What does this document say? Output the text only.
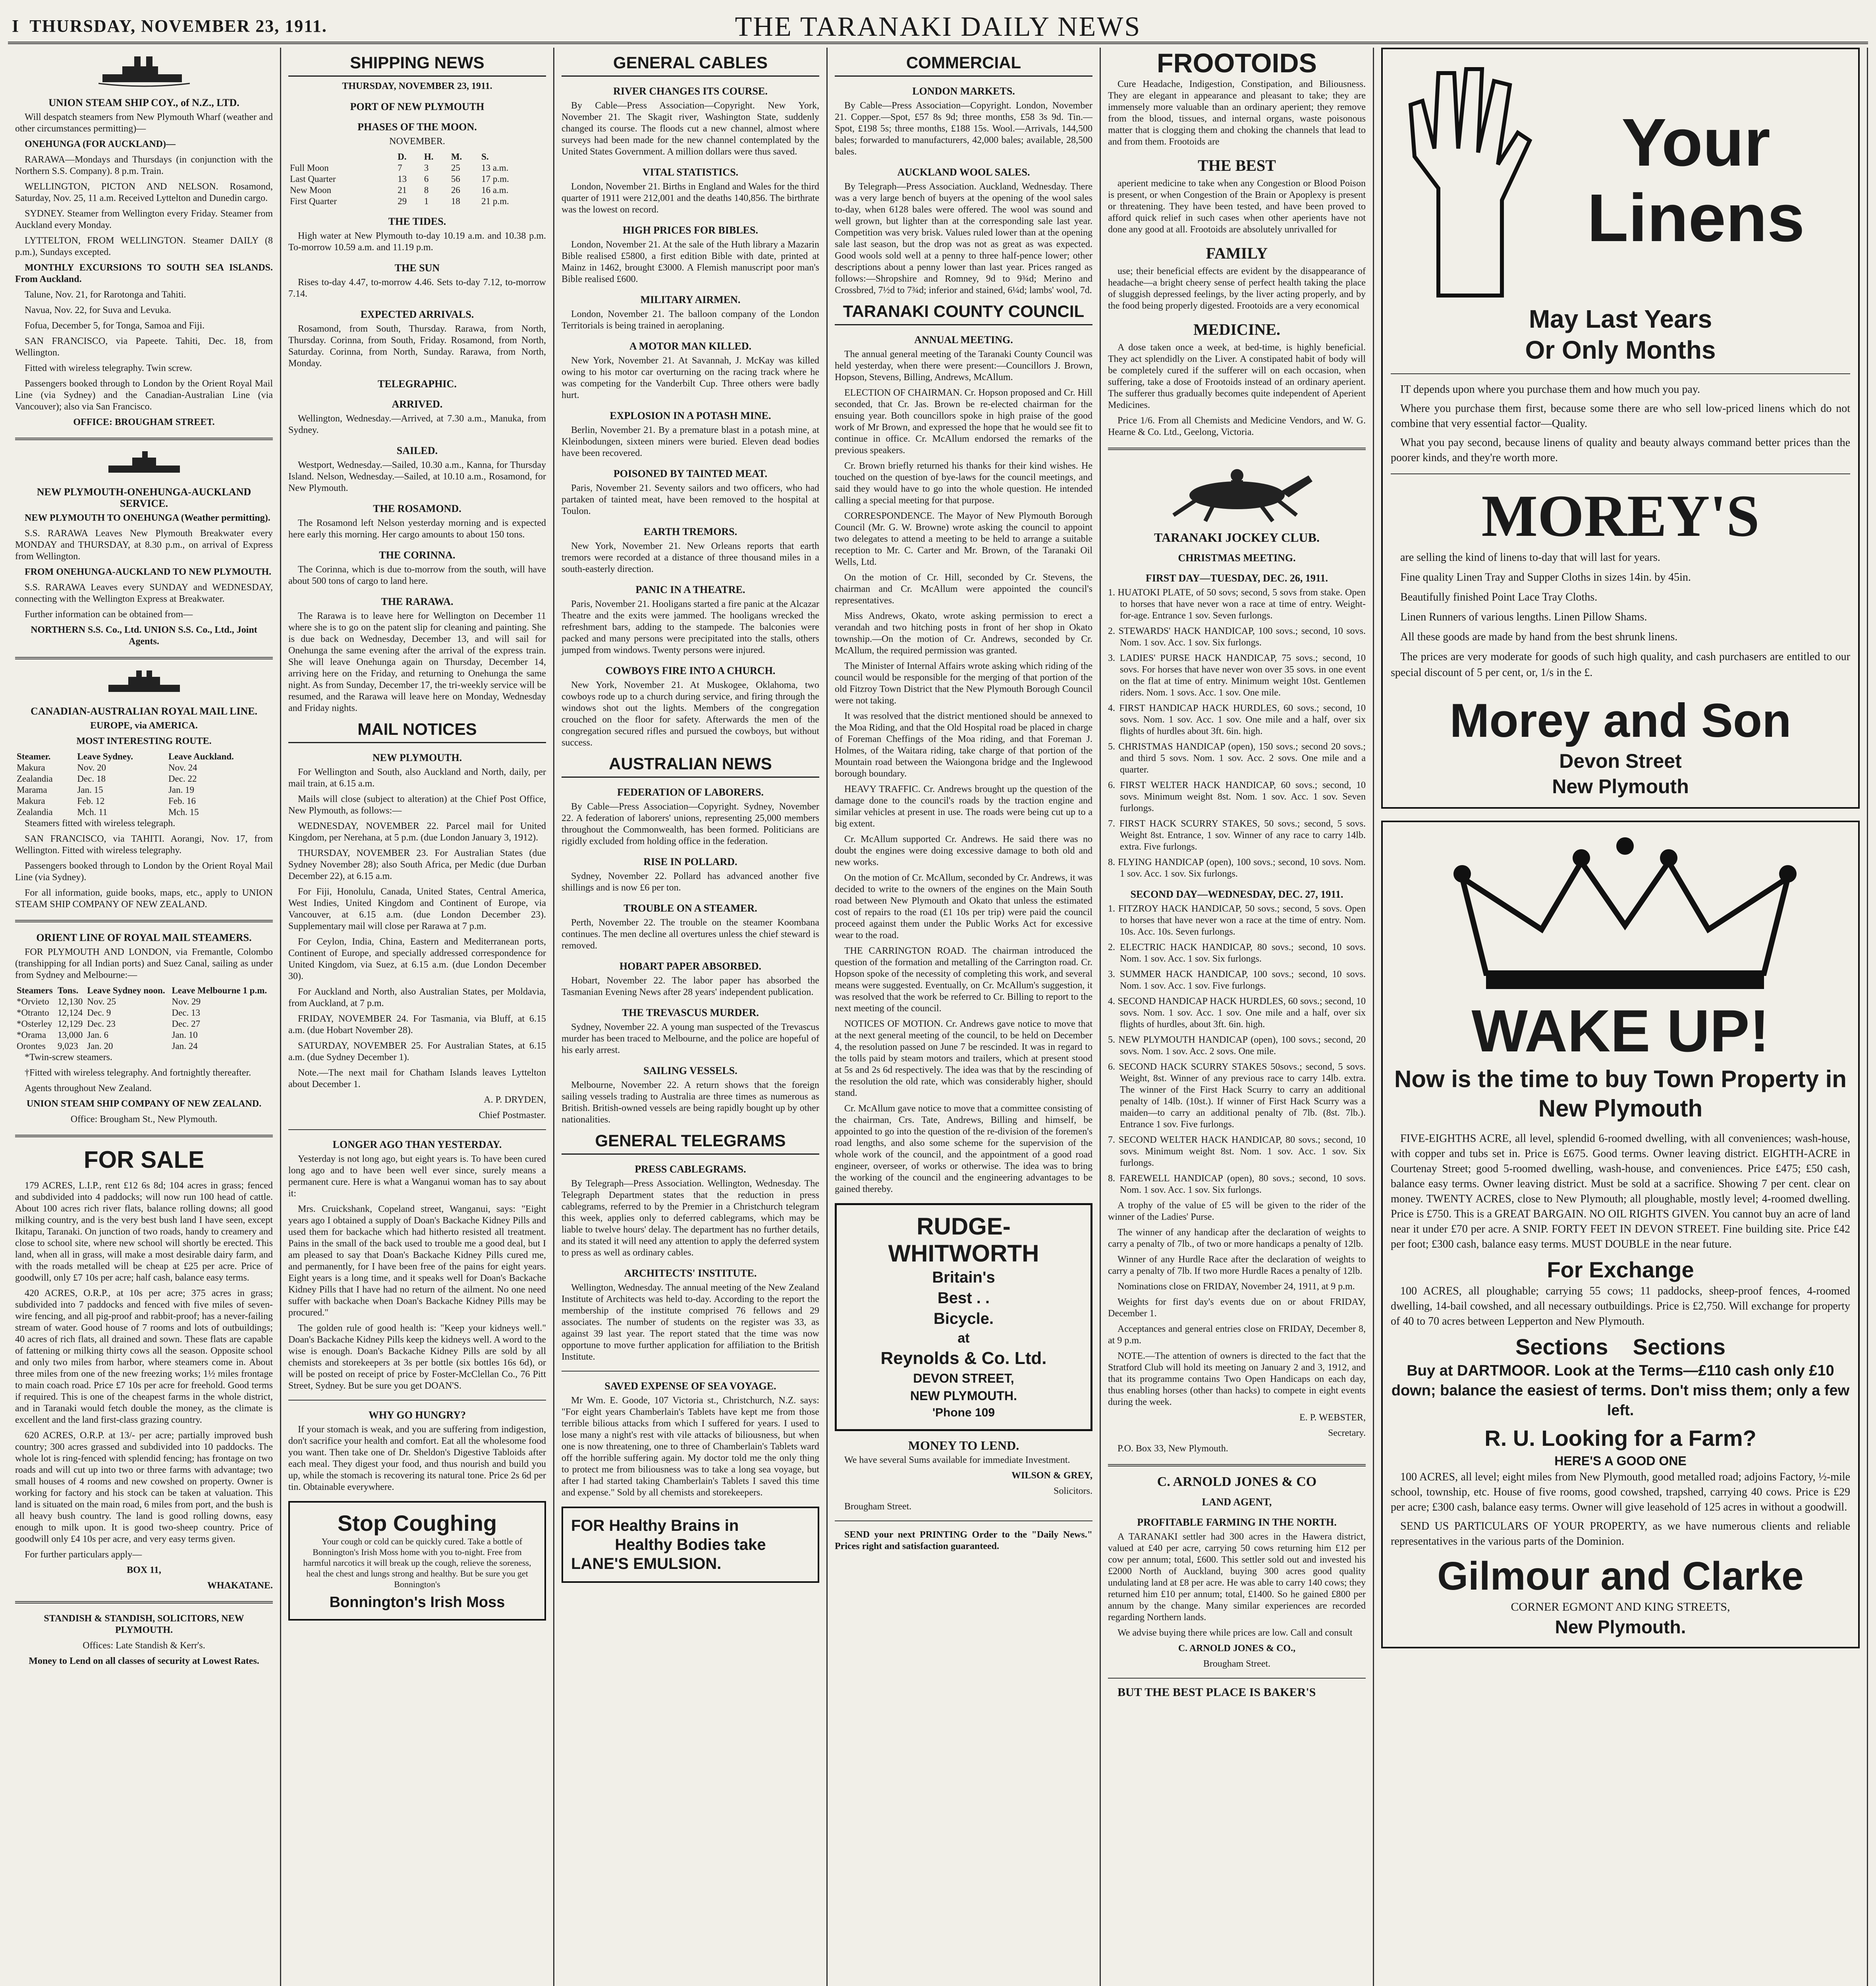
I THURSDAY, NOVEMBER 23, 1911.	THE TARANAKI DAILY NEWS
UNION STEAM SHIP COY., of N.Z., LTD.

Will despatch steamers from New Plymouth Wharf (weather and other circumstances permitting)—

ONEHUNGA (FOR AUCKLAND)—

RARAWA—Mondays and Thursdays (in conjunction with the Northern S.S. Company). 8 p.m. Train.

WELLINGTON, PICTON AND NELSON. Rosamond, Saturday, Nov. 25, 11 a.m. Received Lyttelton and Dunedin cargo.

SYDNEY. Steamer from Wellington every Friday. Steamer from Auckland every Monday.

LYTTELTON, FROM WELLINGTON. Steamer DAILY (8 p.m.), Sundays excepted.

MONTHLY EXCURSIONS TO SOUTH SEA ISLANDS. From Auckland.

Talune, Nov. 21, for Rarotonga and Tahiti.

Navua, Nov. 22, for Suva and Levuka.

Fofua, December 5, for Tonga, Samoa and Fiji.

SAN FRANCISCO, via Papeete. Tahiti, Dec. 18, from Wellington.

Fitted with wireless telegraphy. Twin screw.

Passengers booked through to London by the Orient Royal Mail Line (via Sydney) and the Canadian-Australian Line (via Vancouver); also via San Francisco.

OFFICE: BROUGHAM STREET.

NEW PLYMOUTH-ONEHUNGA-AUCKLAND SERVICE.

NEW PLYMOUTH TO ONEHUNGA (Weather permitting).

S.S. RARAWA Leaves New Plymouth Breakwater every MONDAY and THURSDAY, at 8.30 p.m., on arrival of Express from Wellington.

FROM ONEHUNGA-AUCKLAND TO NEW PLYMOUTH.

S.S. RARAWA Leaves every SUNDAY and WEDNESDAY, connecting with the Wellington Express at Breakwater.

Further information can be obtained from—

NORTHERN S.S. Co., Ltd. UNION S.S. Co., Ltd., Joint Agents.

CANADIAN-AUSTRALIAN ROYAL MAIL LINE.

EUROPE, via AMERICA.

MOST INTERESTING ROUTE.

Steamer.	Leave Sydney.	Leave Auckland.
Makura	Nov. 20	Nov. 24
Zealandia	Dec. 18	Dec. 22
Marama	Jan. 15	Jan. 19
Makura	Feb. 12	Feb. 16
Zealandia	Mch. 11	Mch. 15

Steamers fitted with wireless telegraph.

SAN FRANCISCO, via TAHITI. Aorangi, Nov. 17, from Wellington. Fitted with wireless telegraphy.

Passengers booked through to London by the Orient Royal Mail Line (via Sydney).

For all information, guide books, maps, etc., apply to UNION STEAM SHIP COMPANY OF NEW ZEALAND.

ORIENT LINE OF ROYAL MAIL STEAMERS.

FOR PLYMOUTH AND LONDON, via Fremantle, Colombo (transhipping for all Indian ports) and Suez Canal, sailing as under from Sydney and Melbourne:—

Steamers	Tons.	Leave Sydney noon.	Leave Melbourne 1 p.m.
*Orvieto	12,130	Nov. 25	Nov. 29
*Otranto	12,124	Dec. 9	Dec. 13
*Osterley	12,129	Dec. 23	Dec. 27
*Orama	13,000	Jan. 6	Jan. 10
Orontes	9,023	Jan. 20	Jan. 24

*Twin-screw steamers.

†Fitted with wireless telegraphy. And fortnightly thereafter.

Agents throughout New Zealand.

UNION STEAM SHIP COMPANY OF NEW ZEALAND.

Office: Brougham St., New Plymouth.

FOR SALE

179 ACRES, L.I.P., rent £12 6s 8d; 104 acres in grass; fenced and subdivided into 4 paddocks; will now run 100 head of cattle. About 100 acres rich river flats, balance rolling downs; all good milking country, and is the very best bush land I have seen, except Ikitapu, Taranaki. On junction of two roads, handy to creamery and close to school site, where new school will shortly be erected. This land, when all in grass, will make a most desirable dairy farm, and with the roads metalled will be cheap at £25 per acre. Price of goodwill, only £7 10s per acre; half cash, balance easy terms.

420 ACRES, O.R.P., at 10s per acre; 375 acres in grass; subdivided into 7 paddocks and fenced with five miles of seven-wire fencing, and all pig-proof and rabbit-proof; has a never-failing stream of water. Good house of 7 rooms and lots of outbuildings; 40 acres of rich flats, all drained and sown. These flats are capable of fattening or milking thirty cows all the season. Opposite school and only two miles from harbor, where steamers come in. About three miles from one of the new freezing works; 1½ miles frontage to main coach road. Price £7 10s per acre for freehold. Good terms if required. This is one of the cheapest farms in the whole district, and in Taranaki would fetch double the money, as the climate is excellent and the land first-class grazing country.

620 ACRES, O.R.P. at 13/- per acre; partially improved bush country; 300 acres grassed and subdivided into 10 paddocks. The whole lot is ring-fenced with splendid fencing; has frontage on two roads and will cut up into two or three farms with advantage; two small houses of 4 rooms and new cowshed on property. Owner is working for factory and his stock can be taken at valuation. This land is situated on the main road, 6 miles from port, and the bush is all heavy bush country. The land is good rolling downs, easy enough to milk upon. It is good two-sheep country. Price of goodwill only £4 10s per acre, and very easy terms given.

For further particulars apply—

BOX 11,

WHAKATANE.

STANDISH & STANDISH, SOLICITORS, NEW PLYMOUTH.

Offices: Late Standish & Kerr's.

Money to Lend on all classes of security at Lowest Rates.

SHIPPING NEWS

THURSDAY, NOVEMBER 23, 1911.

PORT OF NEW PLYMOUTH
PHASES OF THE MOON.

NOVEMBER.

	D.	H.	M.	S.
Full Moon	7	3	25	13 a.m.
Last Quarter	13	6	56	17 p.m.
New Moon	21	8	26	16 a.m.
First Quarter	29	1	18	21 p.m.
THE TIDES.

High water at New Plymouth to-day 10.19 a.m. and 10.38 p.m. To-morrow 10.59 a.m. and 11.19 p.m.

THE SUN

Rises to-day 4.47, to-morrow 4.46. Sets to-day 7.12, to-morrow 7.14.

EXPECTED ARRIVALS.

Rosamond, from South, Thursday. Rarawa, from North, Thursday. Corinna, from South, Friday. Rosamond, from North, Saturday. Corinna, from North, Sunday. Rarawa, from North, Monday.

TELEGRAPHIC.
ARRIVED.

Wellington, Wednesday.—Arrived, at 7.30 a.m., Manuka, from Sydney.

SAILED.

Westport, Wednesday.—Sailed, 10.30 a.m., Kanna, for Thursday Island. Nelson, Wednesday.—Sailed, at 10.10 a.m., Rosamond, for New Plymouth.

THE ROSAMOND.

The Rosamond left Nelson yesterday morning and is expected here early this morning. Her cargo amounts to about 150 tons.

THE CORINNA.

The Corinna, which is due to-morrow from the south, will have about 500 tons of cargo to land here.

THE RARAWA.

The Rarawa is to leave here for Wellington on December 11 where she is to go on the patent slip for cleaning and painting. She is due back on Wednesday, December 13, and will sail for Onehunga the same evening after the arrival of the express train. She will leave Onehunga again on Thursday, December 14, arriving here on the Friday, and returning to Onehunga the same night. As from Sunday, December 17, the tri-weekly service will be resumed, and the Rarawa will leave here on Monday, Wednesday and Friday nights.

MAIL NOTICES
NEW PLYMOUTH.

For Wellington and South, also Auckland and North, daily, per mail train, at 6.15 a.m.

Mails will close (subject to alteration) at the Chief Post Office, New Plymouth, as follows:—

WEDNESDAY, NOVEMBER 22. Parcel mail for United Kingdom, per Nerehana, at 5 p.m. (due London January 3, 1912).

THURSDAY, NOVEMBER 23. For Australian States (due Sydney November 28); also South Africa, per Medic (due Durban December 22), at 6.15 a.m.

For Fiji, Honolulu, Canada, United States, Central America, West Indies, United Kingdom and Continent of Europe, via Vancouver, at 6.15 a.m. (due London December 23). Supplementary mail will close per Rarawa at 7 p.m.

For Ceylon, India, China, Eastern and Mediterranean ports, Continent of Europe, and specially addressed correspondence for United Kingdom, via Suez, at 6.15 a.m. (due London December 30).

For Auckland and North, also Australian States, per Moldavia, from Auckland, at 7 p.m.

FRIDAY, NOVEMBER 24. For Tasmania, via Bluff, at 6.15 a.m. (due Hobart November 28).

SATURDAY, NOVEMBER 25. For Australian States, at 6.15 a.m. (due Sydney December 1).

Note.—The next mail for Chatham Islands leaves Lyttelton about December 1.

A. P. DRYDEN,

Chief Postmaster.

LONGER AGO THAN YESTERDAY.

Yesterday is not long ago, but eight years is. To have been cured long ago and to have been well ever since, surely means a permanent cure. Here is what a Wanganui woman has to say about it:

Mrs. Cruickshank, Copeland street, Wanganui, says: "Eight years ago I obtained a supply of Doan's Backache Kidney Pills and used them for backache which had hitherto resisted all treatment. Pains in the small of the back used to trouble me a good deal, but I am pleased to say that Doan's Backache Kidney Pills cured me, and permanently, for I have been free of the pains for eight years. Eight years is a long time, and it speaks well for Doan's Backache Kidney Pills that I have had no return of the ailment. No one need suffer with backache when Doan's Backache Kidney Pills may be procured."

The golden rule of good health is: "Keep your kidneys well." Doan's Backache Kidney Pills keep the kidneys well. A word to the wise is enough. Doan's Backache Kidney Pills are sold by all chemists and storekeepers at 3s per bottle (six bottles 16s 6d), or will be posted on receipt of price by Foster-McClellan Co., 76 Pitt Street, Sydney. But be sure you get DOAN'S.

WHY GO HUNGRY?

If your stomach is weak, and you are suffering from indigestion, don't sacrifice your health and comfort. Eat all the wholesome food you want. Then take one of Dr. Sheldon's Digestive Tabloids after each meal. They digest your food, and thus nourish and build you up, while the stomach is recovering its natural tone. Price 2s 6d per tin. Obtainable everywhere.

Stop Coughing

Your cough or cold can be quickly cured. Take a bottle of Bonnington's Irish Moss home with you to-night. Free from harmful narcotics it will break up the cough, relieve the soreness, heal the chest and lungs strong and healthy. But be sure you get Bonnington's

Bonnington's Irish Moss
GENERAL CABLES
RIVER CHANGES ITS COURSE.

By Cable—Press Association—Copyright. New York, November 21. The Skagit river, Washington State, suddenly changed its course. The floods cut a new channel, almost where surveys had been made for the new channel contemplated by the United States Government. A million dollars were thus saved.

VITAL STATISTICS.

London, November 21. Births in England and Wales for the third quarter of 1911 were 212,001 and the deaths 140,856. The birthrate was the lowest on record.

HIGH PRICES FOR BIBLES.

London, November 21. At the sale of the Huth library a Mazarin Bible realised £5800, a first edition Bible with date, printed at Mainz in 1462, brought £3000. A Flemish manuscript poor man's Bible realised £600.

MILITARY AIRMEN.

London, November 21. The balloon company of the London Territorials is being trained in aeroplaning.

A MOTOR MAN KILLED.

New York, November 21. At Savannah, J. McKay was killed owing to his motor car overturning on the racing track where he was competing for the Vanderbilt Cup. Three others were badly hurt.

EXPLOSION IN A POTASH MINE.

Berlin, November 21. By a premature blast in a potash mine, at Kleinbodungen, sixteen miners were buried. Eleven dead bodies have been recovered.

POISONED BY TAINTED MEAT.

Paris, November 21. Seventy sailors and two officers, who had partaken of tainted meat, have been removed to the hospital at Toulon.

EARTH TREMORS.

New York, November 21. New Orleans reports that earth tremors were recorded at a distance of three thousand miles in a south-easterly direction.

PANIC IN A THEATRE.

Paris, November 21. Hooligans started a fire panic at the Alcazar Theatre and the exits were jammed. The hooligans wrecked the refreshment bars, adding to the stampede. The balconies were packed and many persons were precipitated into the stalls, others jumped from windows. Twenty persons were injured.

COWBOYS FIRE INTO A CHURCH.

New York, November 21. At Muskogee, Oklahoma, two cowboys rode up to a church during service, and firing through the windows shot out the lights. Members of the congregation crouched on the floor for safety. Afterwards the men of the congregation secured rifles and pursued the cowboys, but without success.

AUSTRALIAN NEWS
FEDERATION OF LABORERS.

By Cable—Press Association—Copyright. Sydney, November 22. A federation of laborers' unions, representing 25,000 members throughout the Commonwealth, has been formed. Politicians are rigidly excluded from holding office in the federation.

RISE IN POLLARD.

Sydney, November 22. Pollard has advanced another five shillings and is now £6 per ton.

TROUBLE ON A STEAMER.

Perth, November 22. The trouble on the steamer Koombana continues. The men decline all overtures unless the chief steward is removed.

HOBART PAPER ABSORBED.

Hobart, November 22. The labor paper has absorbed the Tasmanian Evening News after 28 years' independent publication.

THE TREVASCUS MURDER.

Sydney, November 22. A young man suspected of the Trevascus murder has been traced to Melbourne, and the police are hopeful of his early arrest.

SAILING VESSELS.

Melbourne, November 22. A return shows that the foreign sailing vessels trading to Australia are three times as numerous as British. British-owned vessels are being rapidly bought up by other nationalities.

GENERAL TELEGRAMS
PRESS CABLEGRAMS.

By Telegraph—Press Association. Wellington, Wednesday. The Telegraph Department states that the reduction in press cablegrams, referred to by the Premier in a Christchurch telegram this week, applies only to deferred cablegrams, which may be liable to twelve hours' delay. The department has no further details, and its stated it will need any attention to apply the deferred system to press as well as ordinary cables.

ARCHITECTS' INSTITUTE.

Wellington, Wednesday. The annual meeting of the New Zealand Institute of Architects was held to-day. According to the report the membership of the institute comprised 76 fellows and 29 associates. The number of students on the register was 33, as against 39 last year. The report stated that the time was now opportune to move further application for affiliation to the British Institute.

SAVED EXPENSE OF SEA VOYAGE.

Mr Wm. E. Goode, 107 Victoria st., Christchurch, N.Z. says: "For eight years Chamberlain's Tablets have kept me from those terrible bilious attacks from which I suffered for years. I used to lose many a night's rest with vile attacks of biliousness, but when one is now threatening, one to three of Chamberlain's Tablets ward off the horrible suffering again. My doctor told me the only thing to protect me from biliousness was to take a long sea voyage, but after I had started taking Chamberlain's Tablets I saved this time and expense." Sold by all chemists and storekeepers.

FOR Healthy Brains in
Healthy Bodies take
LANE'S EMULSION.
COMMERCIAL
LONDON MARKETS.

By Cable—Press Association—Copyright. London, November 21. Copper.—Spot, £57 8s 9d; three months, £58 3s 9d. Tin.—Spot, £198 5s; three months, £188 15s. Wool.—Arrivals, 144,500 bales; forwarded to manufacturers, 42,000 bales; available, 28,500 bales.

AUCKLAND WOOL SALES.

By Telegraph—Press Association. Auckland, Wednesday. There was a very large bench of buyers at the opening of the wool sales to-day, when 6128 bales were offered. The wool was sound and well grown, but lighter than at the corresponding sale last year. Competition was very brisk. Values ruled lower than at the opening sale last season, but the drop was not as great as was expected. Good wools sold well at a penny to three half-pence lower; other descriptions about a penny lower than last year. Prices ranged as follows:—Shropshire and Romney, 9d to 9¾d; Merino and Crossbred, 7½d to 7¾d; inferior and stained, 6¼d; lambs' wool, 7d.

TARANAKI COUNTY COUNCIL
ANNUAL MEETING.

The annual general meeting of the Taranaki County Council was held yesterday, when there were present:—Councillors J. Brown, Hopson, Stevens, Billing, Andrews, McAllum.

ELECTION OF CHAIRMAN. Cr. Hopson proposed and Cr. Hill seconded, that Cr. Jas. Brown be re-elected chairman for the ensuing year. Both councillors spoke in high praise of the good work of Mr Brown, and expressed the hope that he would see fit to continue in office. Cr. McAllum endorsed the remarks of the previous speakers.

Cr. Brown briefly returned his thanks for their kind wishes. He touched on the question of bye-laws for the council meetings, and said they would have to go into the whole question. He intended calling a special meeting for that purpose.

CORRESPONDENCE. The Mayor of New Plymouth Borough Council (Mr. G. W. Browne) wrote asking the council to appoint two delegates to attend a meeting to be held to arrange a suitable reception to Mr. C. Carter and Mr. Brown, of the Taranaki Oil Wells, Ltd.

On the motion of Cr. Hill, seconded by Cr. Stevens, the chairman and Cr. McAllum were appointed the council's representatives.

Miss Andrews, Okato, wrote asking permission to erect a verandah and two hitching posts in front of her shop in Okato township.—On the motion of Cr. Andrews, seconded by Cr. McAllum, the required permission was granted.

The Minister of Internal Affairs wrote asking which riding of the council would be responsible for the merging of that portion of the old Fitzroy Town District that the New Plymouth Borough Council were not taking.

It was resolved that the district mentioned should be annexed to the Moa Riding, and that the Old Hospital road be placed in charge of Foreman Cheffings of the Moa riding, and that Foreman J. Holmes, of the Waitara riding, take charge of that portion of the Mountain road between the Waiongona bridge and the Inglewood borough boundary.

HEAVY TRAFFIC. Cr. Andrews brought up the question of the damage done to the council's roads by the traction engine and similar vehicles at present in use. The roads were being cut up to a big extent.

Cr. McAllum supported Cr. Andrews. He said there was no doubt the engines were doing excessive damage to both old and new works.

On the motion of Cr. McAllum, seconded by Cr. Andrews, it was decided to write to the owners of the engines on the Main South road between New Plymouth and Okato that unless the estimated cost of repairs to the road (£1 10s per trip) were paid the council proceed against them under the Public Works Act for excessive wear to the road.

THE CARRINGTON ROAD. The chairman introduced the question of the formation and metalling of the Carrington road. Cr. Hopson spoke of the necessity of completing this work, and several means were suggested. Eventually, on Cr. McAllum's suggestion, it was resolved that the work be referred to Cr. Billing to report to the next meeting of the council.

NOTICES OF MOTION. Cr. Andrews gave notice to move that at the next general meeting of the council, to be held on December 4, the resolution passed on June 7 be rescinded. It was in regard to the tolls paid by steam motors and trailers, which at present stood at 5s and 2s 6d respectively. The idea was that by the rescinding of the resolution the old rate, which was considerably higher, should stand.

Cr. McAllum gave notice to move that a committee consisting of the chairman, Crs. Tate, Andrews, Billing and himself, be appointed to go into the question of the re-division of the foremen's road lengths, and also some scheme for the supervision of the whole work of the council, and the appointment of a good road engineer, overseer, of works or otherwise. The idea was to bring the working of the council and the engineering advantages to be gained thereby.

RUDGE-
WHITWORTH
Britain's
Best . .
Bicycle.
at
Reynolds & Co. Ltd.
DEVON STREET,
NEW PLYMOUTH.
'Phone 109
MONEY TO LEND.

We have several Sums available for immediate Investment.

WILSON & GREY,

Solicitors.

Brougham Street.

SEND your next PRINTING Order to the "Daily News." Prices right and satisfaction guaranteed.

FROOTOIDS

Cure Headache, Indigestion, Constipation, and Biliousness. They are elegant in appearance and pleasant to take; they are immensely more valuable than an ordinary aperient; they remove from the blood, tissues, and internal organs, waste poisonous matter that is clogging them and choking the channels that lead to and from them. Frootoids are

THE BEST

aperient medicine to take when any Congestion or Blood Poison is present, or when Congestion of the Brain or Apoplexy is present or threatening. They have been tested, and have been proved to afford quick relief in such cases when other aperients have not done any good at all. Frootoids are absolutely unrivalled for

FAMILY

use; their beneficial effects are evident by the disappearance of headache—a bright cheery sense of perfect health taking the place of sluggish depressed feelings, by the liver acting properly, and by the food being properly digested. Frootoids are a very economical

MEDICINE.

A dose taken once a week, at bed-time, is highly beneficial. They act splendidly on the Liver. A constipated habit of body will be completely cured if the sufferer will on each occasion, when suffering, take a dose of Frootoids instead of an ordinary aperient. The sufferer thus gradually becomes quite independent of Aperient Medicines.

Price 1/6. From all Chemists and Medicine Vendors, and W. G. Hearne & Co. Ltd., Geelong, Victoria.

TARANAKI JOCKEY CLUB.
CHRISTMAS MEETING.
FIRST DAY—TUESDAY, DEC. 26, 1911.

1. HUATOKI PLATE, of 50 sovs; second, 5 sovs from stake. Open to horses that have never won a race at time of entry. Weight-for-age. Entrance 1 sov. Seven furlongs.

2. STEWARDS' HACK HANDICAP, 100 sovs.; second, 10 sovs. Nom. 1 sov. Acc. 1 sov. Six furlongs.

3. LADIES' PURSE HACK HANDICAP, 75 sovs.; second, 10 sovs. For horses that have never won over 35 sovs. in one event on the flat at time of entry. Minimum weight 10st. Gentlemen riders. Nom. 1 sovs. Acc. 1 sov. One mile.

4. FIRST HANDICAP HACK HURDLES, 60 sovs.; second, 10 sovs. Nom. 1 sov. Acc. 1 sov. One mile and a half, over six flights of hurdles about 3ft. 6in. high.

5. CHRISTMAS HANDICAP (open), 150 sovs.; second 20 sovs.; and third 5 sovs. Nom. 1 sov. Acc. 2 sovs. One mile and a quarter.

6. FIRST WELTER HACK HANDICAP, 60 sovs.; second, 10 sovs. Minimum weight 8st. Nom. 1 sov. Acc. 1 sov. Seven furlongs.

7. FIRST HACK SCURRY STAKES, 50 sovs.; second, 5 sovs. Weight 8st. Entrance, 1 sov. Winner of any race to carry 14lb. extra. Five furlongs.

8. FLYING HANDICAP (open), 100 sovs.; second, 10 sovs. Nom. 1 sov. Acc. 1 sov. Six furlongs.

SECOND DAY—WEDNESDAY, DEC. 27, 1911.

1. FITZROY HACK HANDICAP, 50 sovs.; second, 5 sovs. Open to horses that have never won a race at the time of entry. Nom. 10s. Acc. 10s. Seven furlongs.

2. ELECTRIC HACK HANDICAP, 80 sovs.; second, 10 sovs. Nom. 1 sov. Acc. 1 sov. Six furlongs.

3. SUMMER HACK HANDICAP, 100 sovs.; second, 10 sovs. Nom. 1 sov. Acc. 1 sov. Five furlongs.

4. SECOND HANDICAP HACK HURDLES, 60 sovs.; second, 10 sovs. Nom. 1 sov. Acc. 1 sov. One mile and a half, over six flights of hurdles, about 3ft. 6in. high.

5. NEW PLYMOUTH HANDICAP (open), 100 sovs.; second, 20 sovs. Nom. 1 sov. Acc. 2 sovs. One mile.

6. SECOND HACK SCURRY STAKES 50sovs.; second, 5 sovs. Weight, 8st. Winner of any previous race to carry 14lb. extra. The winner of the First Hack Scurry to carry an additional penalty of 14lb. (10st.). If winner of First Hack Scurry was a maiden—to carry an additional penalty of 7lb. (8st. 7lb.). Entrance 1 sov. Five furlongs.

7. SECOND WELTER HACK HANDICAP, 80 sovs.; second, 10 sovs. Minimum weight 8st. Nom. 1 sov. Acc. 1 sov. Six furlongs.

8. FAREWELL HANDICAP (open), 80 sovs.; second, 10 sovs. Nom. 1 sov. Acc. 1 sov. Six furlongs.

A trophy of the value of £5 will be given to the rider of the winner of the Ladies' Purse.

The winner of any handicap after the declaration of weights to carry a penalty of 7lb., of two or more handicaps a penalty of 12lb.

Winner of any Hurdle Race after the declaration of weights to carry a penalty of 7lb. If two more Hurdle Races a penalty of 12lb.

Nominations close on FRIDAY, November 24, 1911, at 9 p.m.

Weights for first day's events due on or about FRIDAY, December 1.

Acceptances and general entries close on FRIDAY, December 8, at 9 p.m.

NOTE.—The attention of owners is directed to the fact that the Stratford Club will hold its meeting on January 2 and 3, 1912, and that its programme contains Two Open Handicaps on each day, thus enabling horses (other than hacks) to compete in eight events during the week.

E. P. WEBSTER,

Secretary.

P.O. Box 33, New Plymouth.

C. ARNOLD JONES & CO
LAND AGENT,
PROFITABLE FARMING IN THE NORTH.

A TARANAKI settler had 300 acres in the Hawera district, valued at £40 per acre, carrying 50 cows returning him £12 per cow per annum; total, £600. This settler sold out and invested his £2000 North of Auckland, buying 300 acres good quality undulating land at £8 per acre. He was able to carry 140 cows; they returned him £10 per annum; total, £1400. So he gained £800 per annum by the change. Many similar experiences are recorded regarding Northern lands.

We advise buying there while prices are low. Call and consult

C. ARNOLD JONES & CO.,

Brougham Street.

BUT THE BEST PLACE IS BAKER'S

Your
Linens
May Last Years
Or Only Months

IT depends upon where you purchase them and how much you pay.

Where you purchase them first, because some there are who sell low-priced linens which do not combine that very essential factor—Quality.

What you pay second, because linens of quality and beauty always command better prices than the poorer kinds, and they're worth more.

MOREY'S

are selling the kind of linens to-day that will last for years.

Fine quality Linen Tray and Supper Cloths in sizes 14in. by 45in.

Beautifully finished Point Lace Tray Cloths.

Linen Runners of various lengths. Linen Pillow Shams.

All these goods are made by hand from the best shrunk linens.

The prices are very moderate for goods of such high quality, and cash purchasers are entitled to our special discount of 5 per cent, or, 1/s in the £.

Morey and Son
Devon Street
New Plymouth
WAKE UP!
Now is the time to buy Town Property in New Plymouth

FIVE-EIGHTHS ACRE, all level, splendid 6-roomed dwelling, with all conveniences; wash-house, with copper and tubs set in. Price is £675. Good terms. Owner leaving district. EIGHTH-ACRE in Courtenay Street; good 5-roomed dwelling, wash-house, and conveniences. Price £475; £50 cash, balance easy terms. Owner leaving district. Must be sold at a sacrifice. Showing 7 per cent. clear on money. TWENTY ACRES, close to New Plymouth; all ploughable, mostly level; 4-roomed dwelling. Price is £750. This is a GREAT BARGAIN. NO OIL RIGHTS GIVEN. You cannot buy an acre of land near it under £70 per acre. A SNIP. FORTY FEET IN DEVON STREET. Fine building site. Price £42 per foot; £300 cash, balance easy terms. MUST DOUBLE in the near future.

For Exchange

100 ACRES, all ploughable; carrying 55 cows; 11 paddocks, sheep-proof fences, 4-roomed dwelling, 14-bail cowshed, and all necessary outbuildings. Price is £2,750. Will exchange for property of 40 to 70 acres between Lepperton and New Plymouth.

Sections    Sections

Buy at DARTMOOR. Look at the Terms—£110 cash only £10 down; balance the easiest of terms. Don't miss them; only a few left.

R. U. Looking for a Farm?
HERE'S A GOOD ONE

100 ACRES, all level; eight miles from New Plymouth, good metalled road; adjoins Factory, ½-mile school, township, etc. House of five rooms, good cowshed, trapshed, carrying 40 cows. Price is £29 per acre; £300 cash, balance easy terms. Owner will give leasehold of 125 acres in without a goodwill.

SEND US PARTICULARS OF YOUR PROPERTY, as we have numerous clients and reliable representatives in the various parts of the Dominion.

Gilmour and Clarke
CORNER EGMONT AND KING STREETS,
New Plymouth.
